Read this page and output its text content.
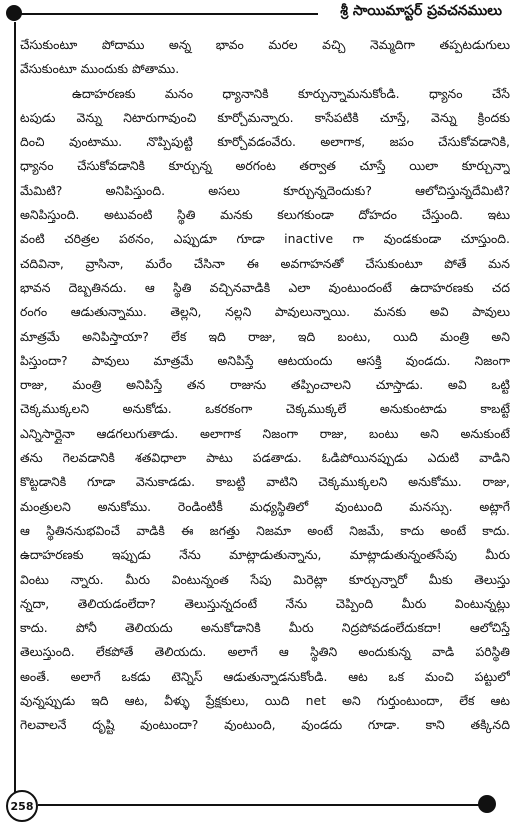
శ్రీ సాయిమాస్టర్ ప్రవచనములు
చేసుకుంటూ పోదాము అన్న భావం మరల వచ్చి నెమ్మదిగా తప్పటడుగులు
వేసుకుంటూ ముందుకు పోతాము.
ఉదాహరణకు మనం ధ్యానానికి కూర్చున్నామనుకోండి. ధ్యానం చేసే
టపుడు వెన్ను నిటారుగావుంచి కూర్చోమన్నారు. కాసేపటికి చూస్తే, వెన్ను క్రిందకు
దించి వుంటాము. నొప్పిపుట్టి కూర్చోవడంవేరు. అలాగాక, జపం చేసుకోవడానికి,
ధ్యానం చేసుకోవడానికి కూర్చున్న అరగంట తర్వాత చూస్తే యిలా కూర్చున్నా
మేమిటి? అనిపిస్తుంది. అసలు కూర్చున్నదెందుకు? ఆలోచిస్తున్నదేమిటి?
అనిపిస్తుంది. అటువంటి స్థితి మనకు కలుగకుండా దోహదం చేస్తుంది. ఇటు
వంటి చరిత్రల పఠనం, ఎప్పుడూ గూడా inactive గా వుండకుండా చూస్తుంది.
చదివినా, వ్రాసినా, మరేం చేసినా ఈ అవగాహనతో చేసుకుంటూ పోతే మన
భావన దెబ్బతినదు. ఆ స్థితి వచ్చినవాడికి ఎలా వుంటుందంటే ఉదాహరణకు చద
రంగం ఆడుతున్నాము. తెల్లని, నల్లని పావులున్నాయి. మనకు అవి పావులు
మాత్రమే అనిపిస్తాయా? లేక ఇది రాజు, ఇది బంటు, యిది మంత్రి అని
పిస్తుందా? పావులు మాత్రమే అనిపిస్తే ఆటయందు ఆసక్తి వుండదు. నిజంగా
రాజు, మంత్రి అనిపిస్తే తన రాజును తప్పించాలని చూస్తాడు. అవి ఒట్టి
చెక్కముక్కలని అనుకోడు. ఒకరకంగా చెక్కముక్కలే అనుకుంటాడు కాబట్టే
ఎన్నిసార్లైనా ఆడగలుగుతాడు. అలాగాక నిజంగా రాజు, బంటు అని అనుకుంటే
తను గెలవడానికి శతవిధాలా పాటు పడతాడు. ఓడిపోయినప్పుడు ఎదుటి వాడిని
కొట్టడానికి గూడా వెనుకాడడు. కాబట్టి వాటిని చెక్కముక్కలని అనుకోము. రాజు,
మంత్రులని అనుకోము. రెండింటికీ మధ్యస్థితిలో వుంటుంది మనస్సు. అట్లాగే
ఆ స్థితిననుభవించే వాడికి ఈ జగత్తు నిజమా అంటే నిజమే, కాదు అంటే కాదు.
ఉదాహరణకు ఇప్పుడు నేను మాట్లాడుతున్నాను, మాట్లాడుతున్నంతసేపు మీరు
వింటు న్నారు. మీరు వింటున్నంత సేపు మిరెట్లా కూర్చున్నారో మీకు తెలుస్తు
న్నదా, తెలియడంలేదా? తెలుస్తున్నదంటే నేను చెప్పింది మీరు వింటున్నట్లు
కాదు. పోనీ తెలియదు అనుకోడానికి మీరు నిద్రపోవడంలేదుకదా! ఆలోచిస్తే
తెలుస్తుంది. లేకపోతే తెలియదు. అలాగే ఆ స్థితిని అందుకున్న వాడి పరిస్థితి
అంతే. అలాగే ఒకడు టెన్నిస్ ఆడుతున్నాడనుకోండి. ఆట ఒక మంచి పట్టులో
వున్నప్పుడు ఇది ఆట, వీళ్ళు ప్రేక్షకులు, యిది net అని గుర్తుంటుందా, లేక ఆట
గెలవాలనే దృష్టి వుంటుందా? వుంటుంది, వుండదు గూడా. కాని తక్కినది
258
